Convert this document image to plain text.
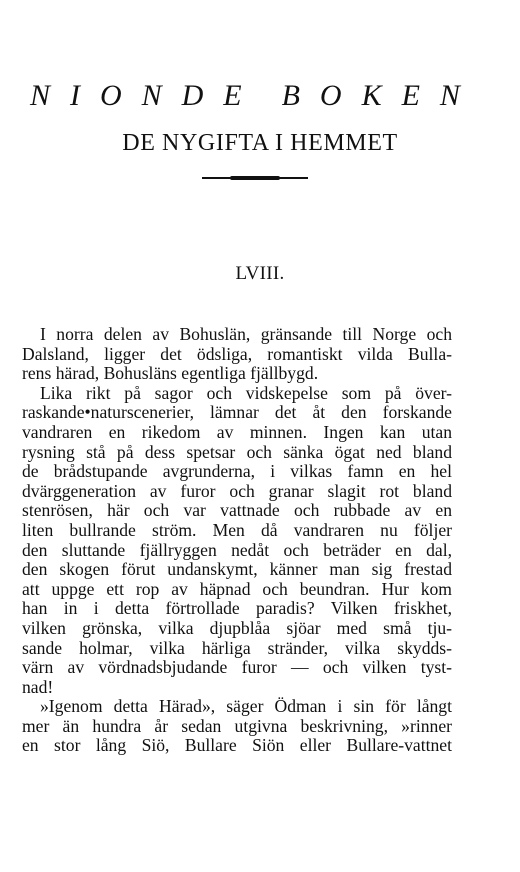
N I O N D E B O K E N
DE NYGIFTA I HEMMET
LVIII.
I norra delen av Bohuslän, gränsande till Norge och
Dalsland, ligger det ödsliga, romantiskt vilda Bulla-
rens härad, Bohusläns egentliga fjällbygd.
Lika rikt på sagor och vidskepelse som på över-
raskande•naturscenerier, lämnar det åt den forskande
vandraren en rikedom av minnen. Ingen kan utan
rysning stå på dess spetsar och sänka ögat ned bland
de brådstupande avgrunderna, i vilkas famn en hel
dvärggeneration av furor och granar slagit rot bland
stenrösen, här och var vattnade och rubbade av en
liten bullrande ström. Men då vandraren nu följer
den sluttande fjällryggen nedåt och beträder en dal,
den skogen förut undanskymt, känner man sig frestad
att uppge ett rop av häpnad och beundran. Hur kom
han in i detta förtrollade paradis? Vilken friskhet,
vilken grönska, vilka djupblåa sjöar med små tju-
sande holmar, vilka härliga stränder, vilka skydds-
värn av vördnadsbjudande furor — och vilken tyst-
nad!
»Igenom detta Härad», säger Ödman i sin för långt
mer än hundra år sedan utgivna beskrivning, »rinner
en stor lång Siö, Bullare Siön eller Bullare-vattnet
